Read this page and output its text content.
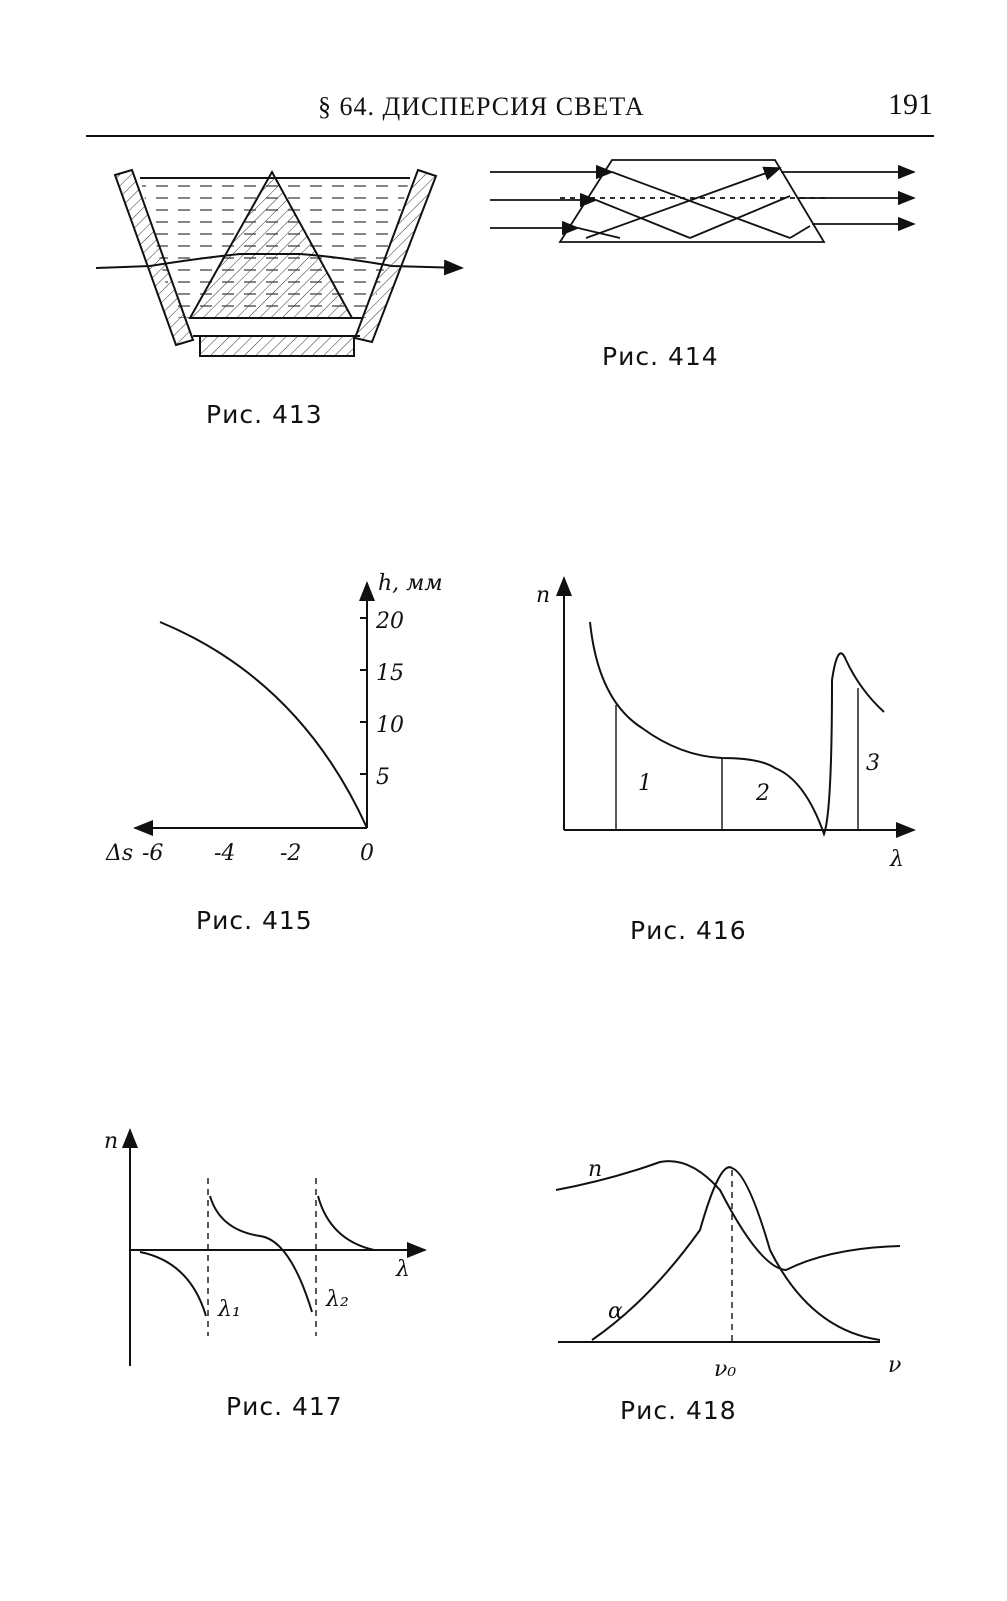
§ 64. ДИСПЕРСИЯ СВЕТА	191
h, мм
20
15
10
5
Δs -6 -4 -2	0
n
λ
1	2
3
n
λ
λ₁	λ₂
n
α
ν₀	ν
Рис. 413
Рис. 414
Рис. 415	Рис. 416
Рис. 417	Рис. 418
